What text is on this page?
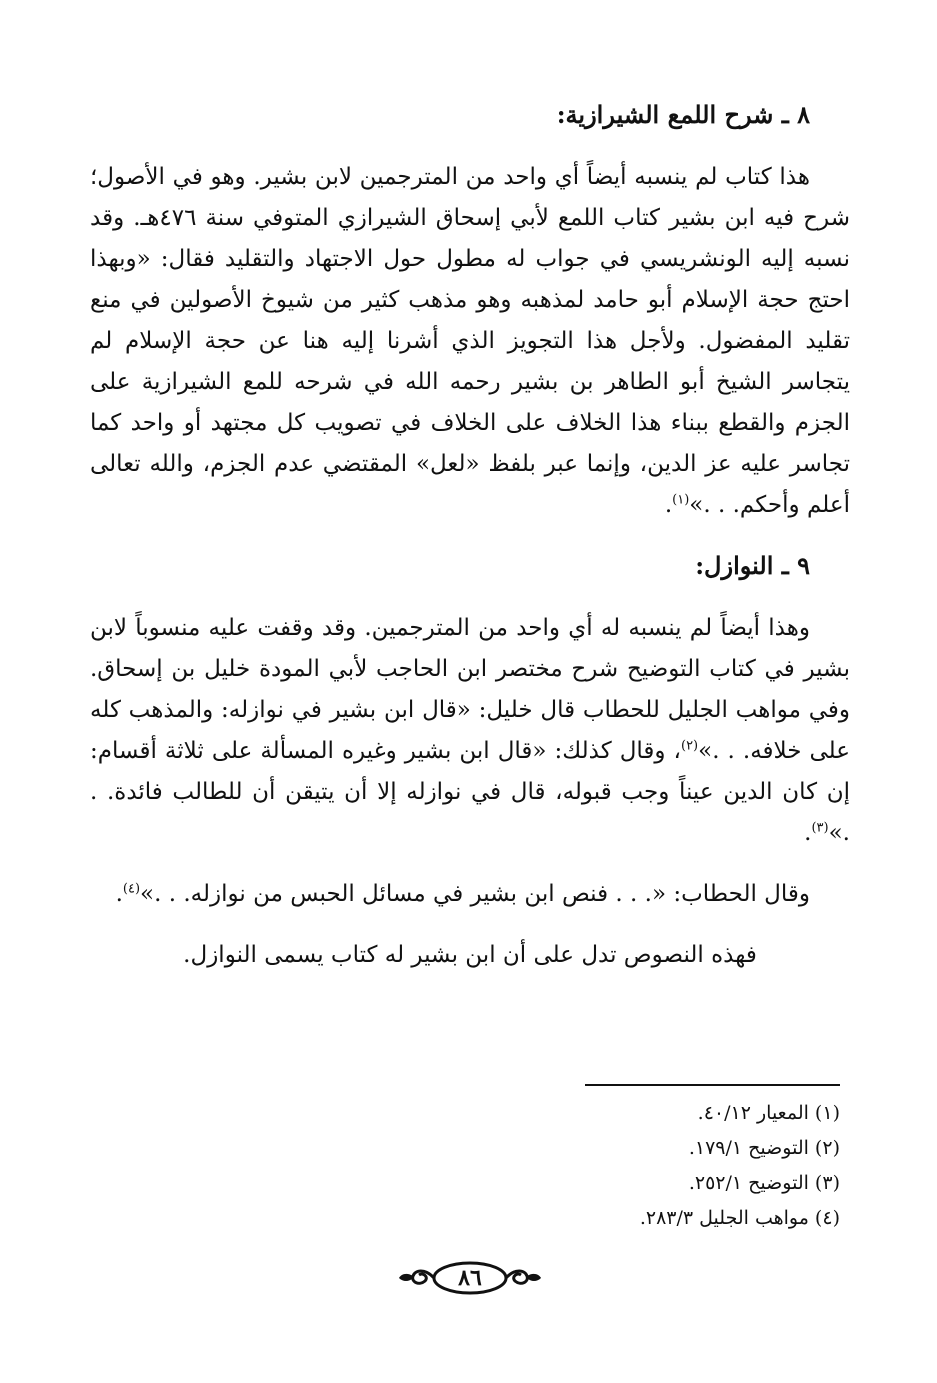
٨ ـ شرح اللمع الشيرازية:

هذا كتاب لم ينسبه أيضاً أي واحد من المترجمين لابن بشير. وهو في الأصول؛ شرح فيه ابن بشير كتاب اللمع لأبي إسحاق الشيرازي المتوفي سنة ٤٧٦هـ. وقد نسبه إليه الونشريسي في جواب له مطول حول الاجتهاد والتقليد فقال: «وبهذا احتج حجة الإسلام أبو حامد لمذهبه وهو مذهب كثير من شيوخ الأصولين في منع تقليد المفضول. ولأجل هذا التجويز الذي أشرنا إليه هنا عن حجة الإسلام لم يتجاسر الشيخ أبو الطاهر بن بشير رحمه الله في شرحه للمع الشيرازية على الجزم والقطع ببناء هذا الخلاف على الخلاف في تصويب كل مجتهد أو واحد كما تجاسر عليه عز الدين، وإنما عبر بلفظ «لعل» المقتضي عدم الجزم، والله تعالى أعلم وأحكم. . .»$^{(١)}$.

٩ ـ النوازل:

وهذا أيضاً لم ينسبه له أي واحد من المترجمين. وقد وقفت عليه منسوباً لابن بشير في كتاب التوضيح شرح مختصر ابن الحاجب لأبي المودة خليل بن إسحاق. وفي مواهب الجليل للحطاب قال خليل: «قال ابن بشير في نوازله: والمذهب كله على خلافه. . .»$^{(٢)}$، وقال كذلك: «قال ابن بشير وغيره المسألة على ثلاثة أقسام: إن كان الدين عيناً وجب قبوله، قال في نوازله إلا أن يتيقن أن للطالب فائدة. . .»$^{(٣)}$.

وقال الحطاب: «. . . فنص ابن بشير في مسائل الحبس من نوازله. . .»$^{(٤)}$.

فهذه النصوص تدل على أن ابن بشير له كتاب يسمى النوازل.

(١) المعيار ٤٠/١٢.
(٢) التوضيح ١٧٩/١.
(٣) التوضيح ٢٥٢/١.
(٤) مواهب الجليل ٢٨٣/٣.
٨٦
